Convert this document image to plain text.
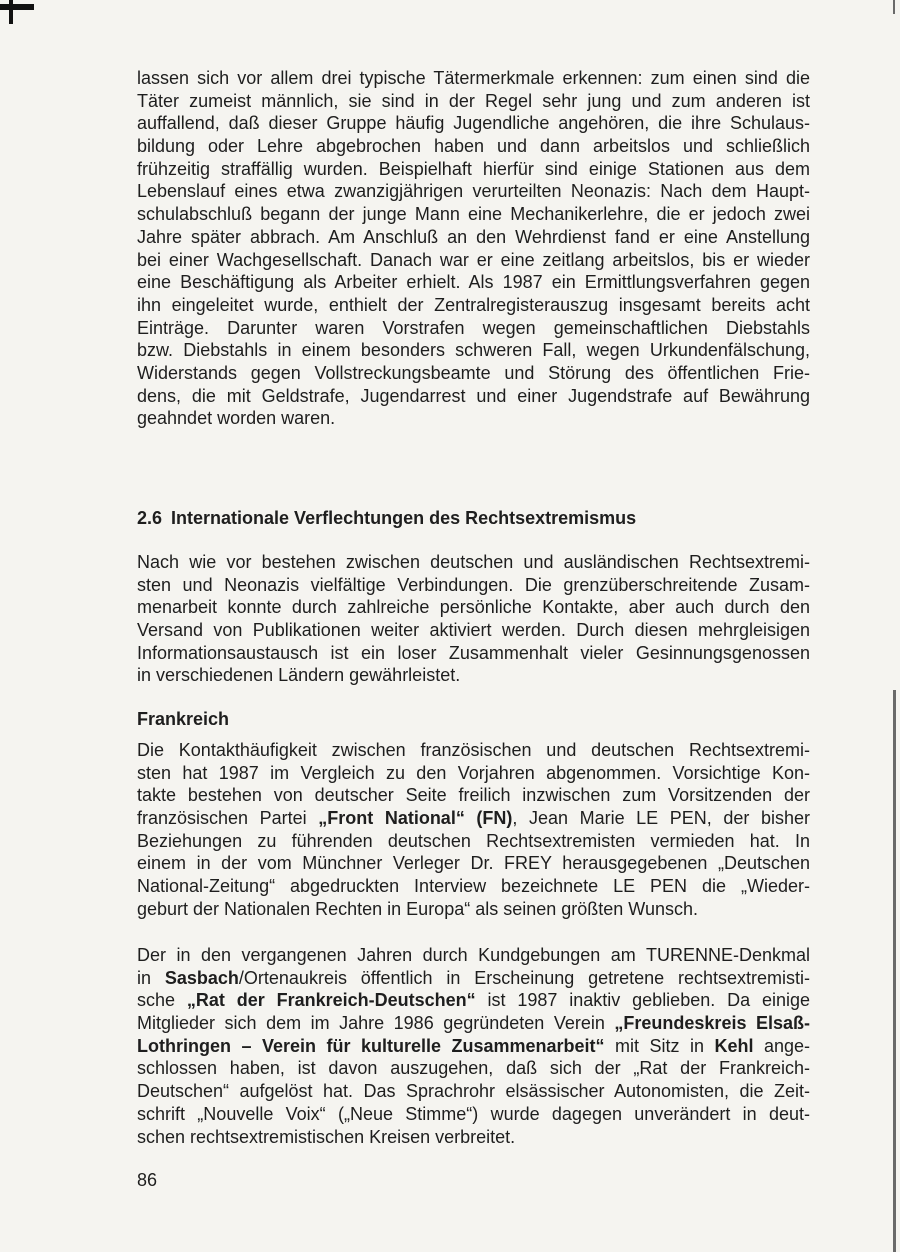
lassen sich vor allem drei typische Tätermerkmale erkennen: zum einen sind die
Täter zumeist männlich, sie sind in der Regel sehr jung und zum anderen ist
auffallend, daß dieser Gruppe häufig Jugendliche angehören, die ihre Schulaus-
bildung oder Lehre abgebrochen haben und dann arbeitslos und schließlich
frühzeitig straffällig wurden. Beispielhaft hierfür sind einige Stationen aus dem
Lebenslauf eines etwa zwanzigjährigen verurteilten Neonazis: Nach dem Haupt-
schulabschluß begann der junge Mann eine Mechanikerlehre, die er jedoch zwei
Jahre später abbrach. Am Anschluß an den Wehrdienst fand er eine Anstellung
bei einer Wachgesellschaft. Danach war er eine zeitlang arbeitslos, bis er wieder
eine Beschäftigung als Arbeiter erhielt. Als 1987 ein Ermittlungsverfahren gegen
ihn eingeleitet wurde, enthielt der Zentralregisterauszug insgesamt bereits acht
Einträge. Darunter waren Vorstrafen wegen gemeinschaftlichen Diebstahls
bzw. Diebstahls in einem besonders schweren Fall, wegen Urkundenfälschung,
Widerstands gegen Vollstreckungsbeamte und Störung des öffentlichen Frie-
dens, die mit Geldstrafe, Jugendarrest und einer Jugendstrafe auf Bewährung
geahndet worden waren.
2.6 Internationale Verflechtungen des Rechtsextremismus
Nach wie vor bestehen zwischen deutschen und ausländischen Rechtsextremi-
sten und Neonazis vielfältige Verbindungen. Die grenzüberschreitende Zusam-
menarbeit konnte durch zahlreiche persönliche Kontakte, aber auch durch den
Versand von Publikationen weiter aktiviert werden. Durch diesen mehrgleisigen
Informationsaustausch ist ein loser Zusammenhalt vieler Gesinnungsgenossen
in verschiedenen Ländern gewährleistet.
Frankreich
Die Kontakthäufigkeit zwischen französischen und deutschen Rechtsextremi-
sten hat 1987 im Vergleich zu den Vorjahren abgenommen. Vorsichtige Kon-
takte bestehen von deutscher Seite freilich inzwischen zum Vorsitzenden der
französischen Partei „Front National“ (FN), Jean Marie LE PEN, der bisher
Beziehungen zu führenden deutschen Rechtsextremisten vermieden hat. In
einem in der vom Münchner Verleger Dr. FREY herausgegebenen „Deutschen
National-Zeitung“ abgedruckten Interview bezeichnete LE PEN die „Wieder-
geburt der Nationalen Rechten in Europa“ als seinen größten Wunsch.
Der in den vergangenen Jahren durch Kundgebungen am TURENNE-Denkmal
in Sasbach/Ortenaukreis öffentlich in Erscheinung getretene rechtsextremisti-
sche „Rat der Frankreich-Deutschen“ ist 1987 inaktiv geblieben. Da einige
Mitglieder sich dem im Jahre 1986 gegründeten Verein „Freundeskreis Elsaß-
Lothringen – Verein für kulturelle Zusammenarbeit“ mit Sitz in Kehl ange-
schlossen haben, ist davon auszugehen, daß sich der „Rat der Frankreich-
Deutschen“ aufgelöst hat. Das Sprachrohr elsässischer Autonomisten, die Zeit-
schrift „Nouvelle Voix“ („Neue Stimme“) wurde dagegen unverändert in deut-
schen rechtsextremistischen Kreisen verbreitet.
86
